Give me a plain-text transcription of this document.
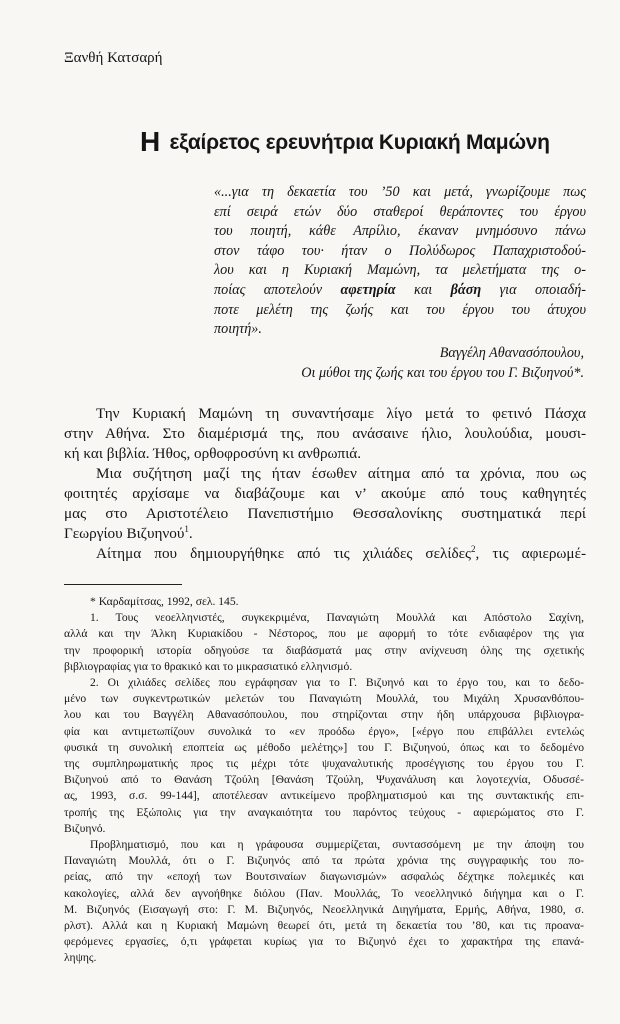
Ξανθή Κατσαρή
Η εξαίρετος ερευνήτρια Κυριακή Μαμώνη
«...για τη δεκαετία του ’50 και μετά, γνωρίζουμε πως
επί σειρά ετών δύο σταθεροί θεράποντες του έργου
του ποιητή, κάθε Απρίλιο, έκαναν μνημόσυνο πάνω
στον τάφο του· ήταν ο Πολύδωρος Παπαχριστοδού-
λου και η Κυριακή Μαμώνη, τα μελετήματα της ο-
ποίας αποτελούν αφετηρία και βάση για οποιαδή-
ποτε μελέτη της ζωής και του έργου του άτυχου
ποιητή».
Βαγγέλη Αθανασόπουλου,
Οι μύθοι της ζωής και του έργου του Γ. Βιζυηνού*.
Την Κυριακή Μαμώνη τη συναντήσαμε λίγο μετά το φετινό Πάσχα
στην Αθήνα. Στο διαμέρισμά της, που ανάσαινε ήλιο, λουλούδια, μουσι-
κή και βιβλία. Ήθος, ορθοφροσύνη κι ανθρωπιά.
Μια συζήτηση μαζί της ήταν έσωθεν αίτημα από τα χρόνια, που ως
φοιτητές αρχίσαμε να διαβάζουμε και ν’ ακούμε από τους καθηγητές
μας στο Αριστοτέλειο Πανεπιστήμιο Θεσσαλονίκης συστηματικά περί
Γεωργίου Βιζυηνού$^1$.
Αίτημα που δημιουργήθηκε από τις χιλιάδες σελίδες$^2$, τις αφιερωμέ-
* Καρδαμίτσας, 1992, σελ. 145.
1. Τους νεοελληνιστές, συγκεκριμένα, Παναγιώτη Μουλλά και Απόστολο Σαχίνη,
αλλά και την Άλκη Κυριακίδου - Νέστορος, που με αφορμή το τότε ενδιαφέρον της για
την προφορική ιστορία οδηγούσε τα διαβάσματά μας στην ανίχνευση όλης της σχετικής
βιβλιογραφίας για το θρακικό και το μικρασιατικό ελληνισμό.
2. Οι χιλιάδες σελίδες που εγράφησαν για το Γ. Βιζυηνό και το έργο του, και το δεδο-
μένο των συγκεντρωτικών μελετών του Παναγιώτη Μουλλά, του Μιχάλη Χρυσανθόπου-
λου και του Βαγγέλη Αθανασόπουλου, που στηρίζονται στην ήδη υπάρχουσα βιβλιογρα-
φία και αντιμετωπίζουν συνολικά το «εν προόδω έργο», [«έργο που επιβάλλει εντελώς
φυσικά τη συνολική εποπτεία ως μέθοδο μελέτης»] του Γ. Βιζυηνού, όπως και το δεδομένο
της συμπληρωματικής προς τις μέχρι τότε ψυχαναλυτικής προσέγγισης του έργου του Γ.
Βιζυηνού από το Θανάση Τζούλη [Θανάση Τζούλη, Ψυχανάλυση και λογοτεχνία, Οδυσσέ-
ας, 1993, σ.σ. 99-144], αποτέλεσαν αντικείμενο προβληματισμού και της συντακτικής επι-
τροπής της Εξώπολις για την αναγκαιότητα του παρόντος τεύχους - αφιερώματος στο Γ.
Βιζυηνό.
Προβληματισμό, που και η γράφουσα συμμερίζεται, συντασσόμενη με την άποψη του
Παναγιώτη Μουλλά, ότι ο Γ. Βιζυηνός από τα πρώτα χρόνια της συγγραφικής του πο-
ρείας, από την «εποχή των Βουτσιναίων διαγωνισμών» ασφαλώς δέχτηκε πολεμικές και
κακολογίες, αλλά δεν αγνοήθηκε διόλου (Παν. Μουλλάς, Το νεοελληνικό διήγημα και ο Γ.
Μ. Βιζυηνός (Εισαγωγή στο: Γ. Μ. Βιζυηνός, Νεοελληνικά Διηγήματα, Ερμής, Αθήνα, 1980, σ.
ρλστ). Αλλά και η Κυριακή Μαμώνη θεωρεί ότι, μετά τη δεκαετία του ’80, και τις προανα-
φερόμενες εργασίες, ό,τι γράφεται κυρίως για το Βιζυηνό έχει το χαρακτήρα της επανά-
ληψης.
